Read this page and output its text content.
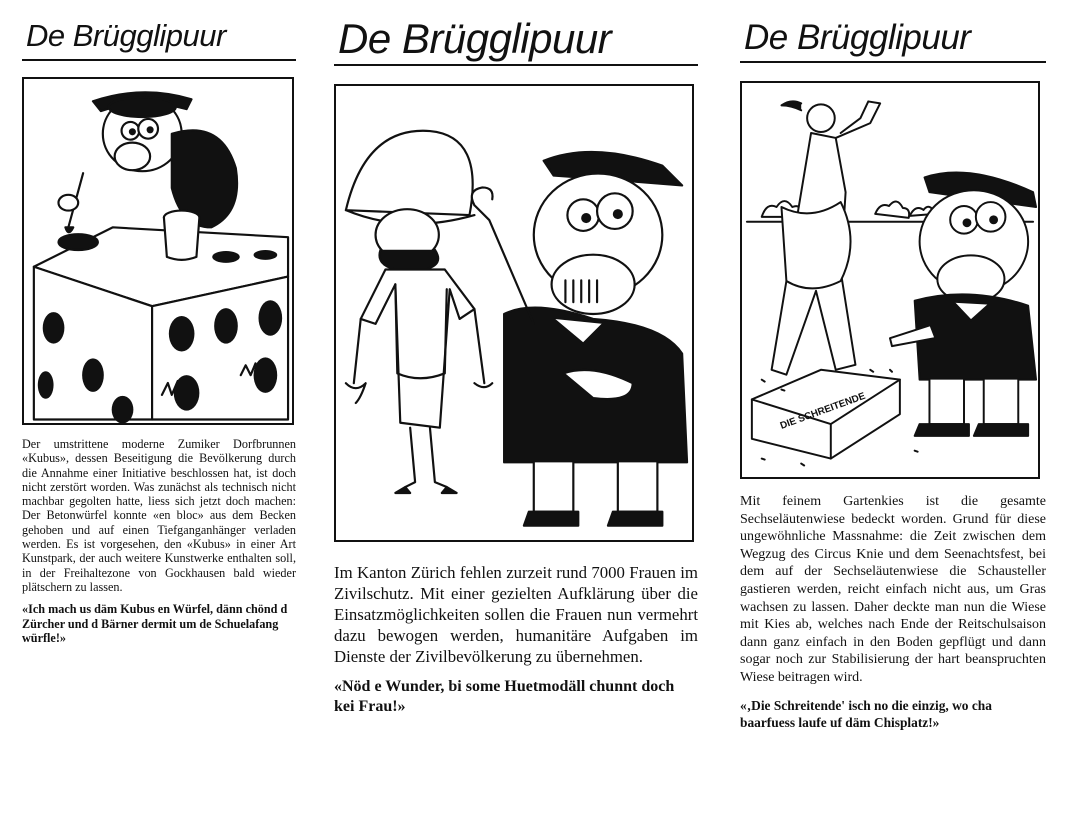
De Brügglipuur

Der umstrittene moderne Zumiker Dorfbrunnen «Kubus», dessen Beseitigung die Bevölkerung durch die Annahme einer Initiative beschlossen hat, ist doch nicht zerstört worden. Was zunächst als technisch nicht machbar gegolten hatte, liess sich jetzt doch machen: Der Betonwürfel konnte «en bloc» aus dem Becken gehoben und auf einen Tiefganganhänger verladen werden. Es ist vorgesehen, den «Kubus» in einer Art Kunstpark, der auch weitere Kunstwerke enthalten soll, in der Freihaltezone von Gockhausen bald wieder plätschern zu lassen.

«Ich mach us däm Kubus en Würfel, dänn chönd d Zürcher und d Bärner dermit um de Schuelafang würfle!»

De Brügglipuur

Im Kanton Zürich fehlen zurzeit rund 7000 Frauen im Zivilschutz. Mit einer gezielten Aufklärung über die Einsatzmöglichkeiten sollen die Frauen nun vermehrt dazu bewogen werden, humanitäre Aufgaben im Dienste der Zivilbevölkerung zu übernehmen.

«Nöd e Wunder, bi some Huetmodäll chunnt doch kei Frau!»

De Brügglipuur
DIE SCHREITENDE

Mit feinem Gartenkies ist die gesamte Sechseläutenwiese bedeckt worden. Grund für diese ungewöhnliche Massnahme: die Zeit zwischen dem Wegzug des Circus Knie und dem Seenachtsfest, bei dem auf der Sechseläutenwiese die Schausteller gastieren werden, reicht einfach nicht aus, um Gras wachsen zu lassen. Daher deckte man nun die Wiese mit Kies ab, welches nach Ende der Reitschulsaison dann ganz einfach in den Boden gepflügt und dann sogar noch zur Stabilisierung der hart beanspruchten Wiese beitragen wird.

«‚Die Schreitende' isch no die einzig, wo cha baarfuess laufe uf däm Chisplatz!»
